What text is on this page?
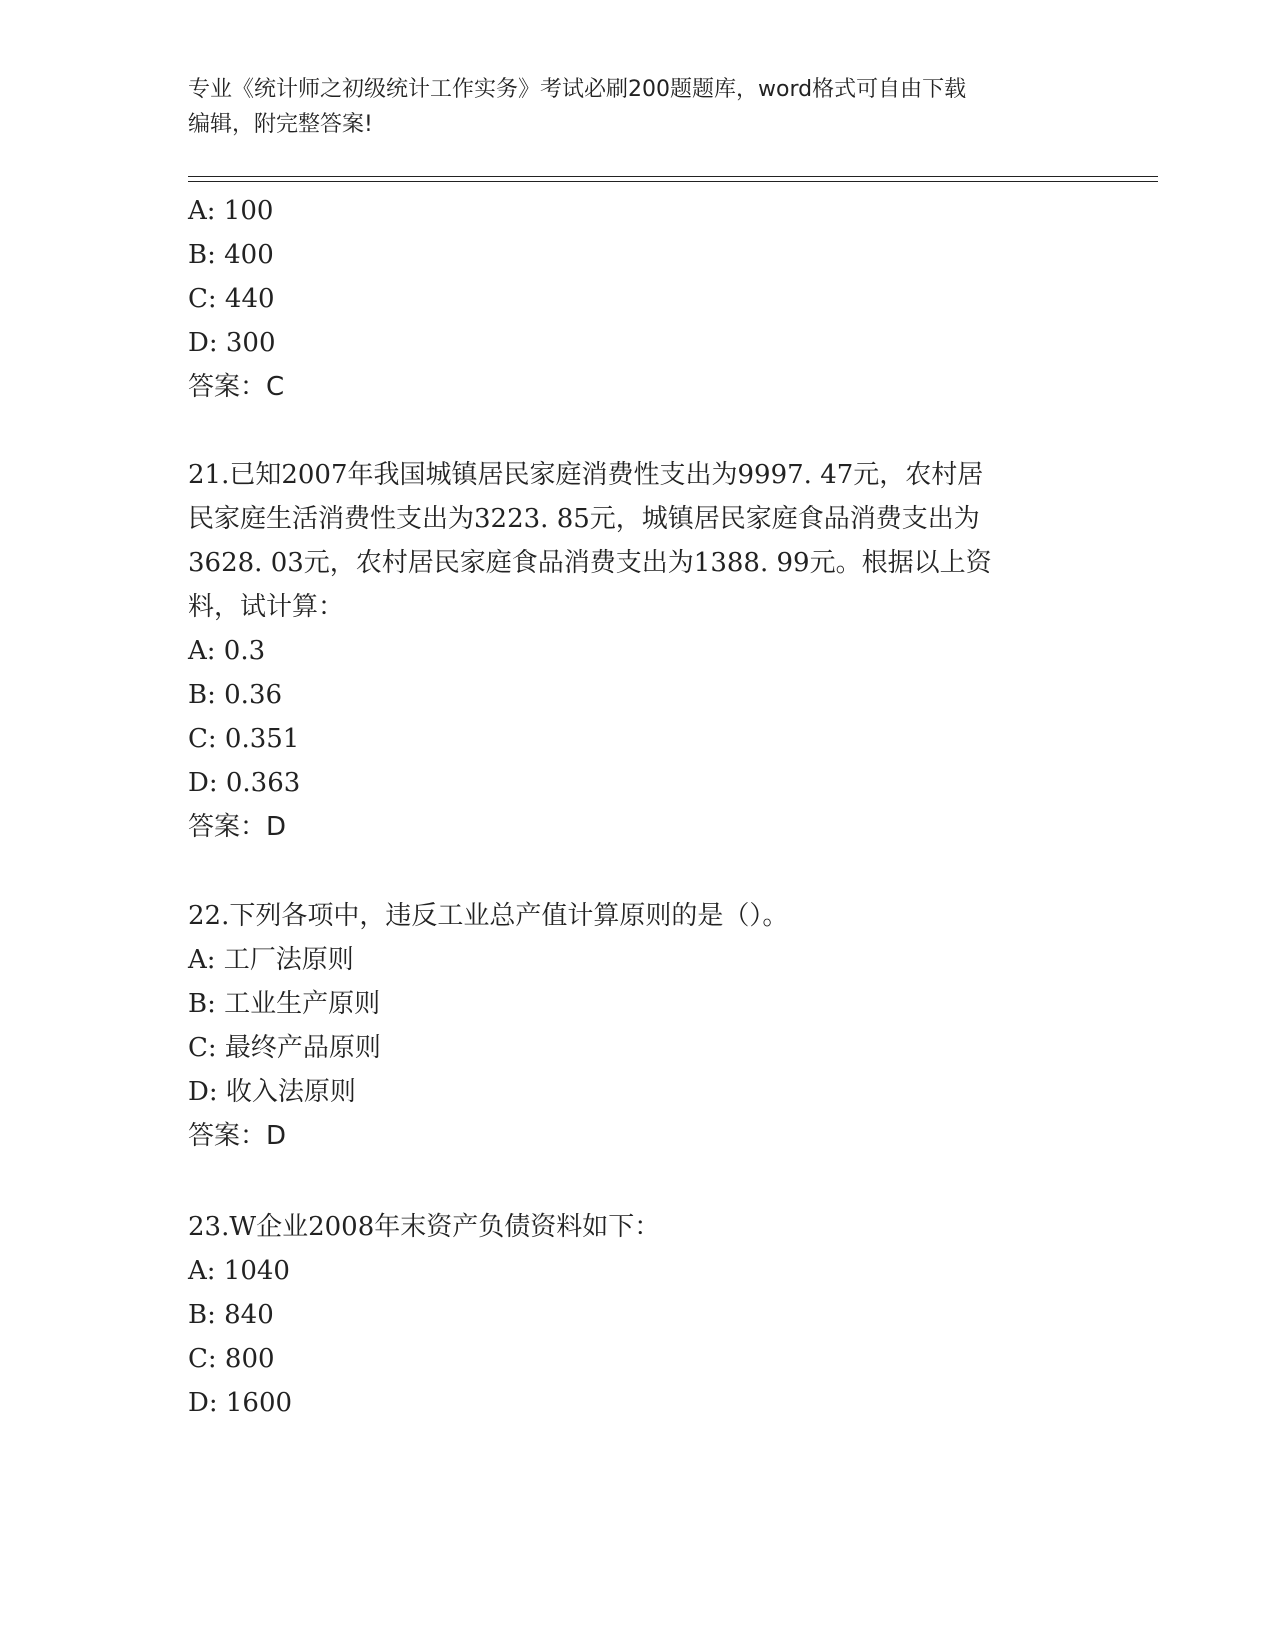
专业《统计师之初级统计工作实务》考试必刷200题题库，word格式可自由下载
编辑，附完整答案!
A: 100
B: 400
C: 440
D: 300
答案：C
21.已知2007年我国城镇居民家庭消费性支出为9997. 47元，农村居
民家庭生活消费性支出为3223. 85元，城镇居民家庭食品消费支出为
3628. 03元，农村居民家庭食品消费支出为1388. 99元。根据以上资
料，试计算：
A: 0.3
B: 0.36
C: 0.351
D: 0.363
答案：D
22.下列各项中，违反工业总产值计算原则的是（）。
A: 工厂法原则
B: 工业生产原则
C: 最终产品原则
D: 收入法原则
答案：D
23.W企业2008年末资产负债资料如下：
A: 1040
B: 840
C: 800
D: 1600
